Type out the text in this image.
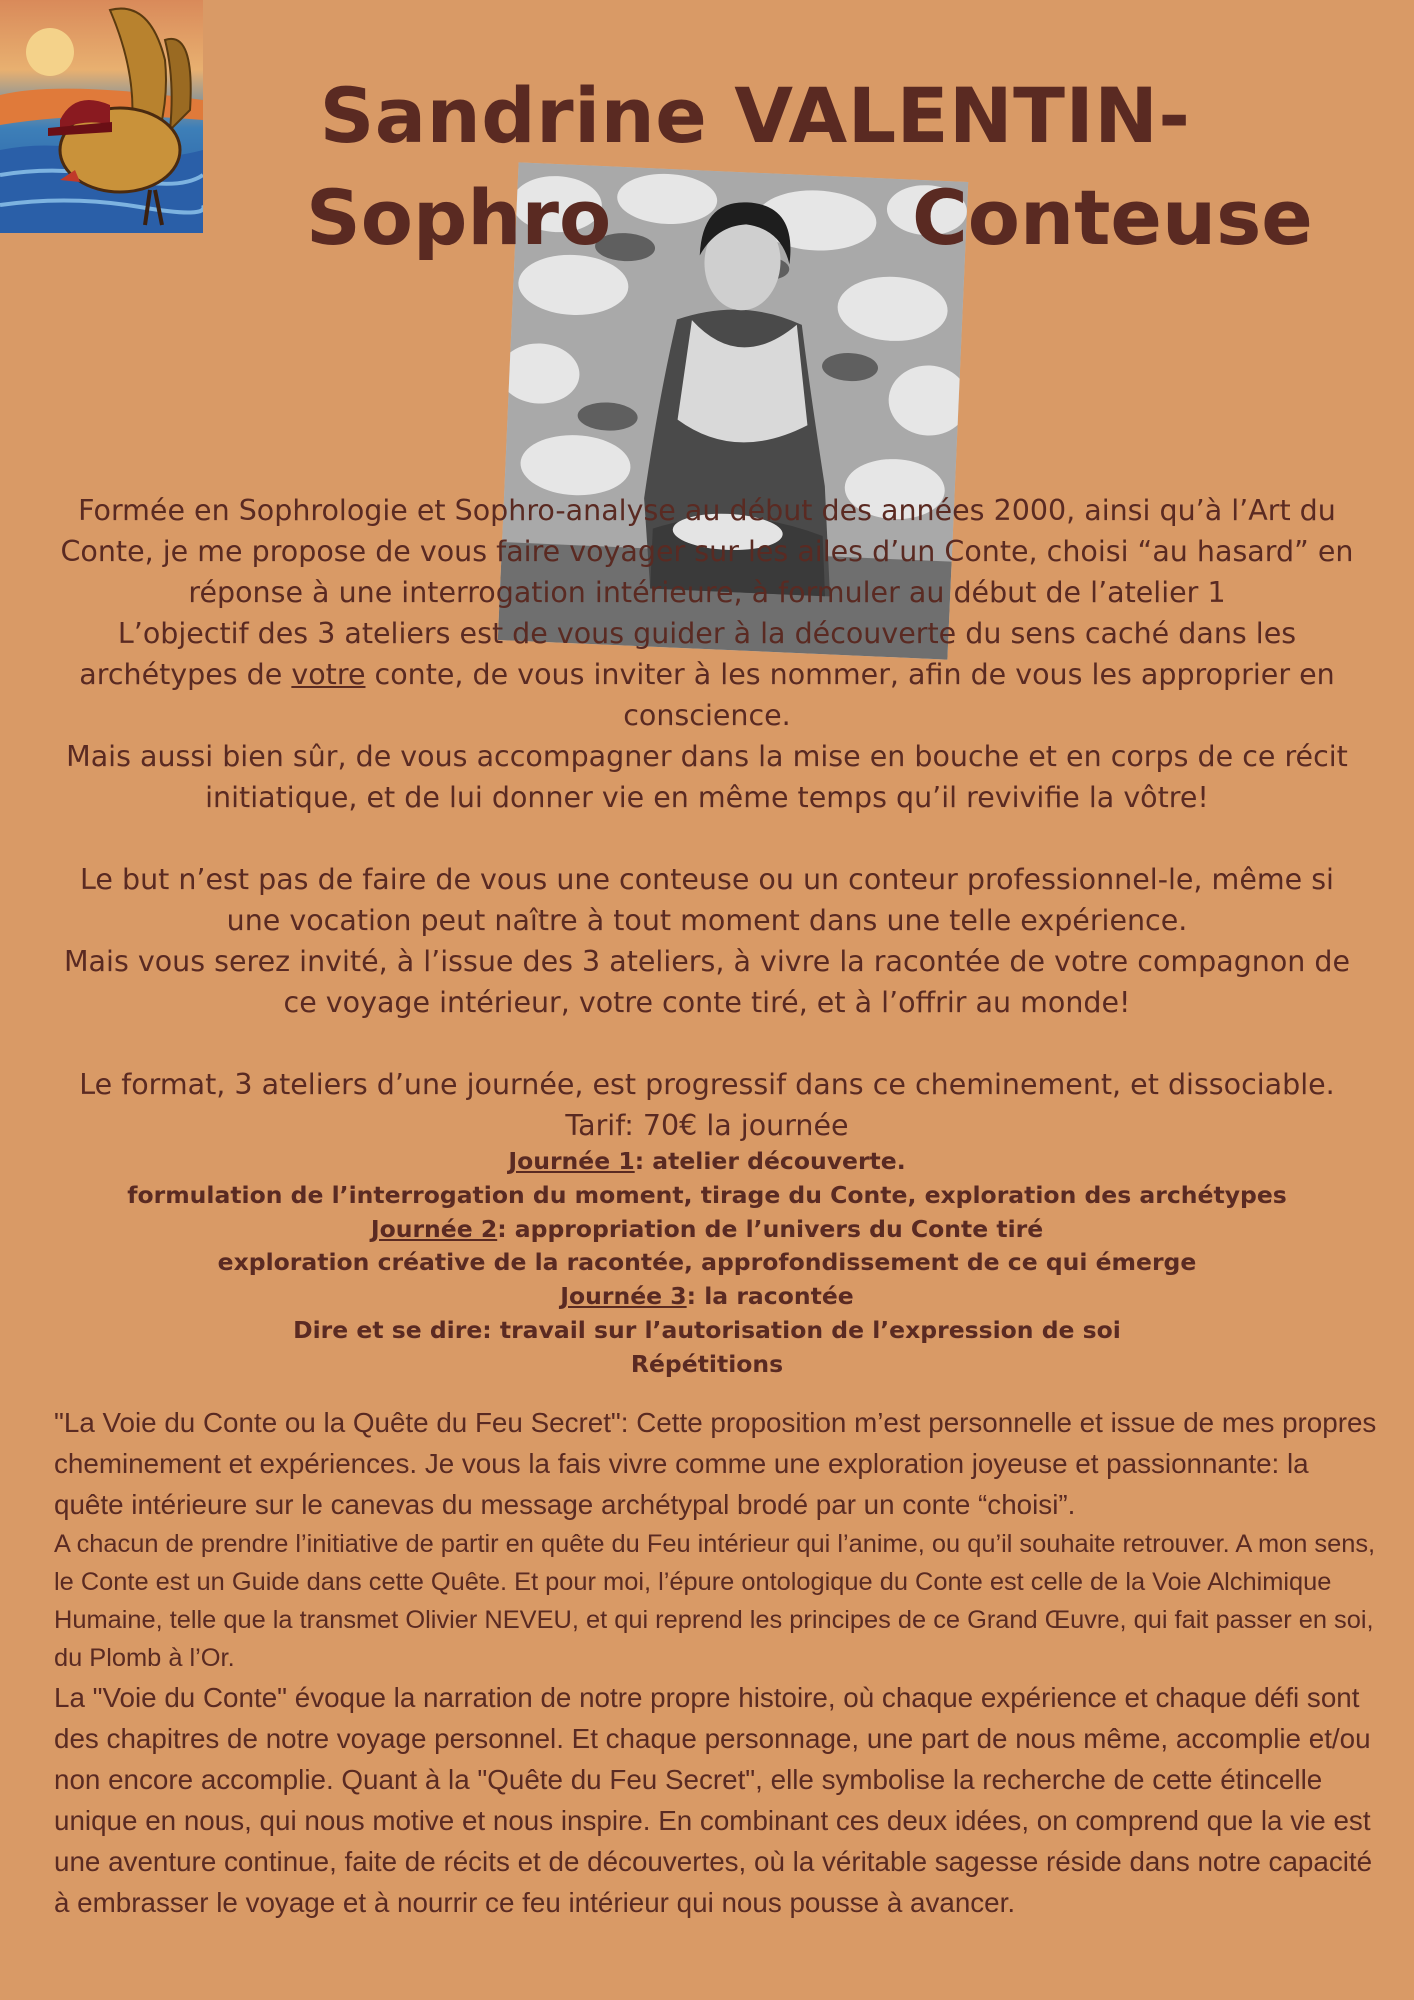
Sandrine VALENTIN-
Sophro	Conteuse

Formée en Sophrologie et Sophro-analyse au début des années 2000, ainsi qu’à l’Art du Conte, je me propose de vous faire voyager sur les ailes d’un Conte, choisi “au hasard” en réponse à une interrogation intérieure, à formuler au début de l’atelier 1

L’objectif des 3 ateliers est de vous guider à la découverte du sens caché dans les archétypes de votre conte, de vous inviter à les nommer, afin de vous les approprier en conscience.

Mais aussi bien sûr, de vous accompagner dans la mise en bouche et en corps de ce récit initiatique, et de lui donner vie en même temps qu’il revivifie la vôtre!

Le but n’est pas de faire de vous une conteuse ou un conteur professionnel-le, même si une vocation peut naître à tout moment dans une telle expérience.

Mais vous serez invité, à l’issue des 3 ateliers, à vivre la racontée de votre compagnon de ce voyage intérieur, votre conte tiré, et à l’offrir au monde!

Le format, 3 ateliers d’une journée, est progressif dans ce cheminement, et dissociable.

Tarif: 70€ la journée

Journée 1: atelier découverte.

formulation de l’interrogation du moment, tirage du Conte, exploration des archétypes

Journée 2: appropriation de l’univers du Conte tiré

exploration créative de la racontée, approfondissement de ce qui émerge

Journée 3: la racontée

Dire et se dire: travail sur l’autorisation de l’expression de soi

Répétitions

"La Voie du Conte ou la Quête du Feu Secret": Cette proposition m’est personnelle et issue de mes propres cheminement et expériences. Je vous la fais vivre comme une exploration joyeuse et passionnante: la quête intérieure sur le canevas du message archétypal brodé par un conte “choisi”.

A chacun de prendre l’initiative de partir en quête du Feu intérieur qui l’anime, ou qu’il souhaite retrouver. A mon sens, le Conte est un Guide dans cette Quête. Et pour moi, l’épure ontologique du Conte est celle de la Voie Alchimique Humaine, telle que la transmet Olivier NEVEU, et qui reprend les principes de ce Grand Œuvre, qui fait passer en soi, du Plomb à l’Or.

La "Voie du Conte" évoque la narration de notre propre histoire, où chaque expérience et chaque défi sont des chapitres de notre voyage personnel. Et chaque personnage, une part de nous même, accomplie et/ou non encore accomplie. Quant à la "Quête du Feu Secret", elle symbolise la recherche de cette étincelle unique en nous, qui nous motive et nous inspire. En combinant ces deux idées, on comprend que la vie est une aventure continue, faite de récits et de découvertes, où la véritable sagesse réside dans notre capacité à embrasser le voyage et à nourrir ce feu intérieur qui nous pousse à avancer.
